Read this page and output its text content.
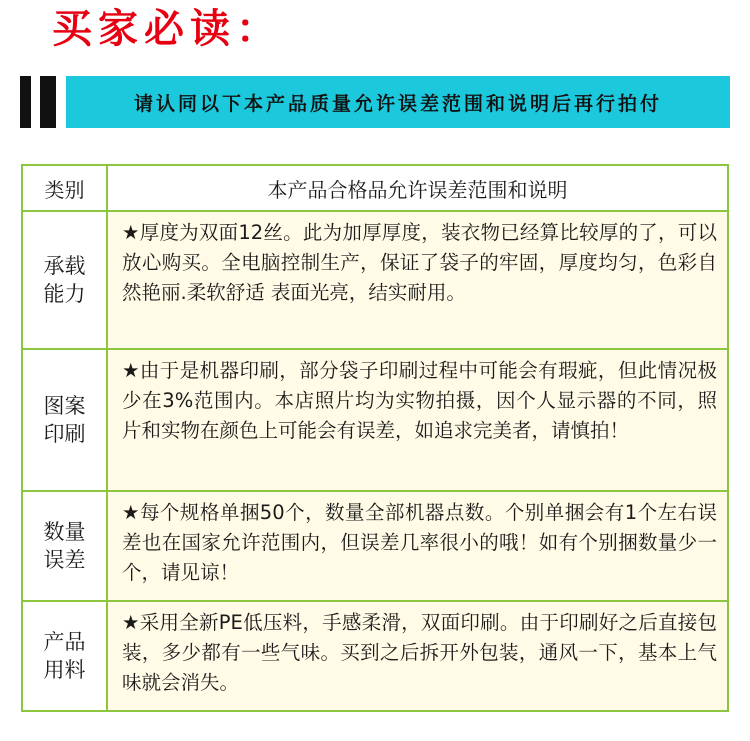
买家必读：
请认同以下本产品质量允许误差范围和说明后再行拍付
类别	本产品合格品允许误差范围和说明

承载
能力	★厚度为双面12丝。此为加厚厚度，装衣物已经算比较厚的了，可以放心购买。全电脑控制生产，保证了袋子的牢固，厚度均匀，色彩自然艳丽.柔软舒适 表面光亮，结实耐用。

图案
印刷	★由于是机器印刷，部分袋子印刷过程中可能会有瑕疵，但此情况极少在3%范围内。本店照片均为实物拍摄，因个人显示器的不同，照片和实物在颜色上可能会有误差，如追求完美者，请慎拍！

数量
误差	★每个规格单捆50个，数量全部机器点数。个别单捆会有1个左右误差也在国家允许范围内，但误差几率很小的哦！如有个别捆数量少一个，请见谅！

产品
用料	★采用全新PE低压料，手感柔滑，双面印刷。由于印刷好之后直接包装，多少都有一些气味。买到之后拆开外包装，通风一下，基本上气味就会消失。
